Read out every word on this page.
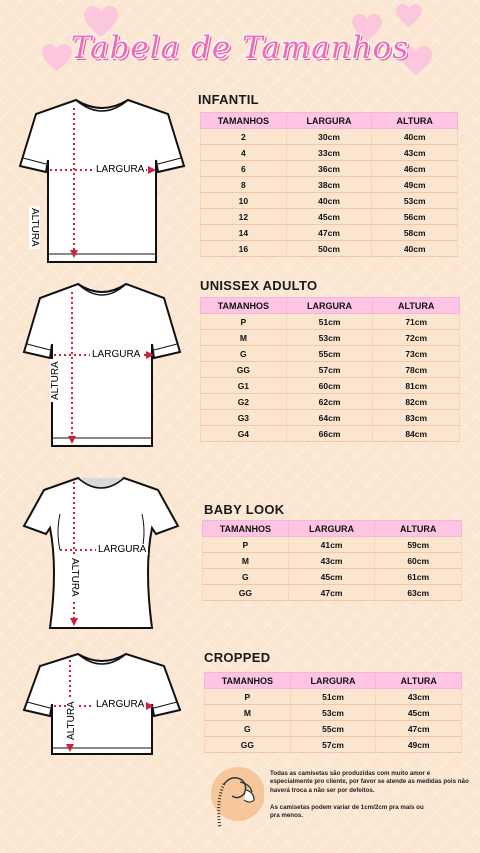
Tabela de Tamanhos
LARGURA
ALTURA
INFANTIL
TAMANHOS	LARGURA	ALTURA
2	30cm	40cm
4	33cm	43cm
6	36cm	46cm
8	38cm	49cm
10	40cm	53cm
12	45cm	56cm
14	47cm	58cm
16	50cm	40cm
LARGURA
ALTURA
UNISSEX ADULTO
TAMANHOS	LARGURA	ALTURA
P	51cm	71cm
M	53cm	72cm
G	55cm	73cm
GG	57cm	78cm
G1	60cm	81cm
G2	62cm	82cm
G3	64cm	83cm
G4	66cm	84cm
LARGURA
ALTURA
BABY LOOK
TAMANHOS	LARGURA	ALTURA
P	41cm	59cm
M	43cm	60cm
G	45cm	61cm
GG	47cm	63cm
LARGURA
ALTURA
CROPPED
TAMANHOS	LARGURA	ALTURA
P	51cm	43cm
M	53cm	45cm
G	55cm	47cm
GG	57cm	49cm
Todas as camisetas são produzidas com muito amor e especialmente pro cliente, por favor se atende as medidas pois não haverá troca a não ser por defeitos.
As camisetas podem variar de 1cm/2cm pra mais ou pra menos.
